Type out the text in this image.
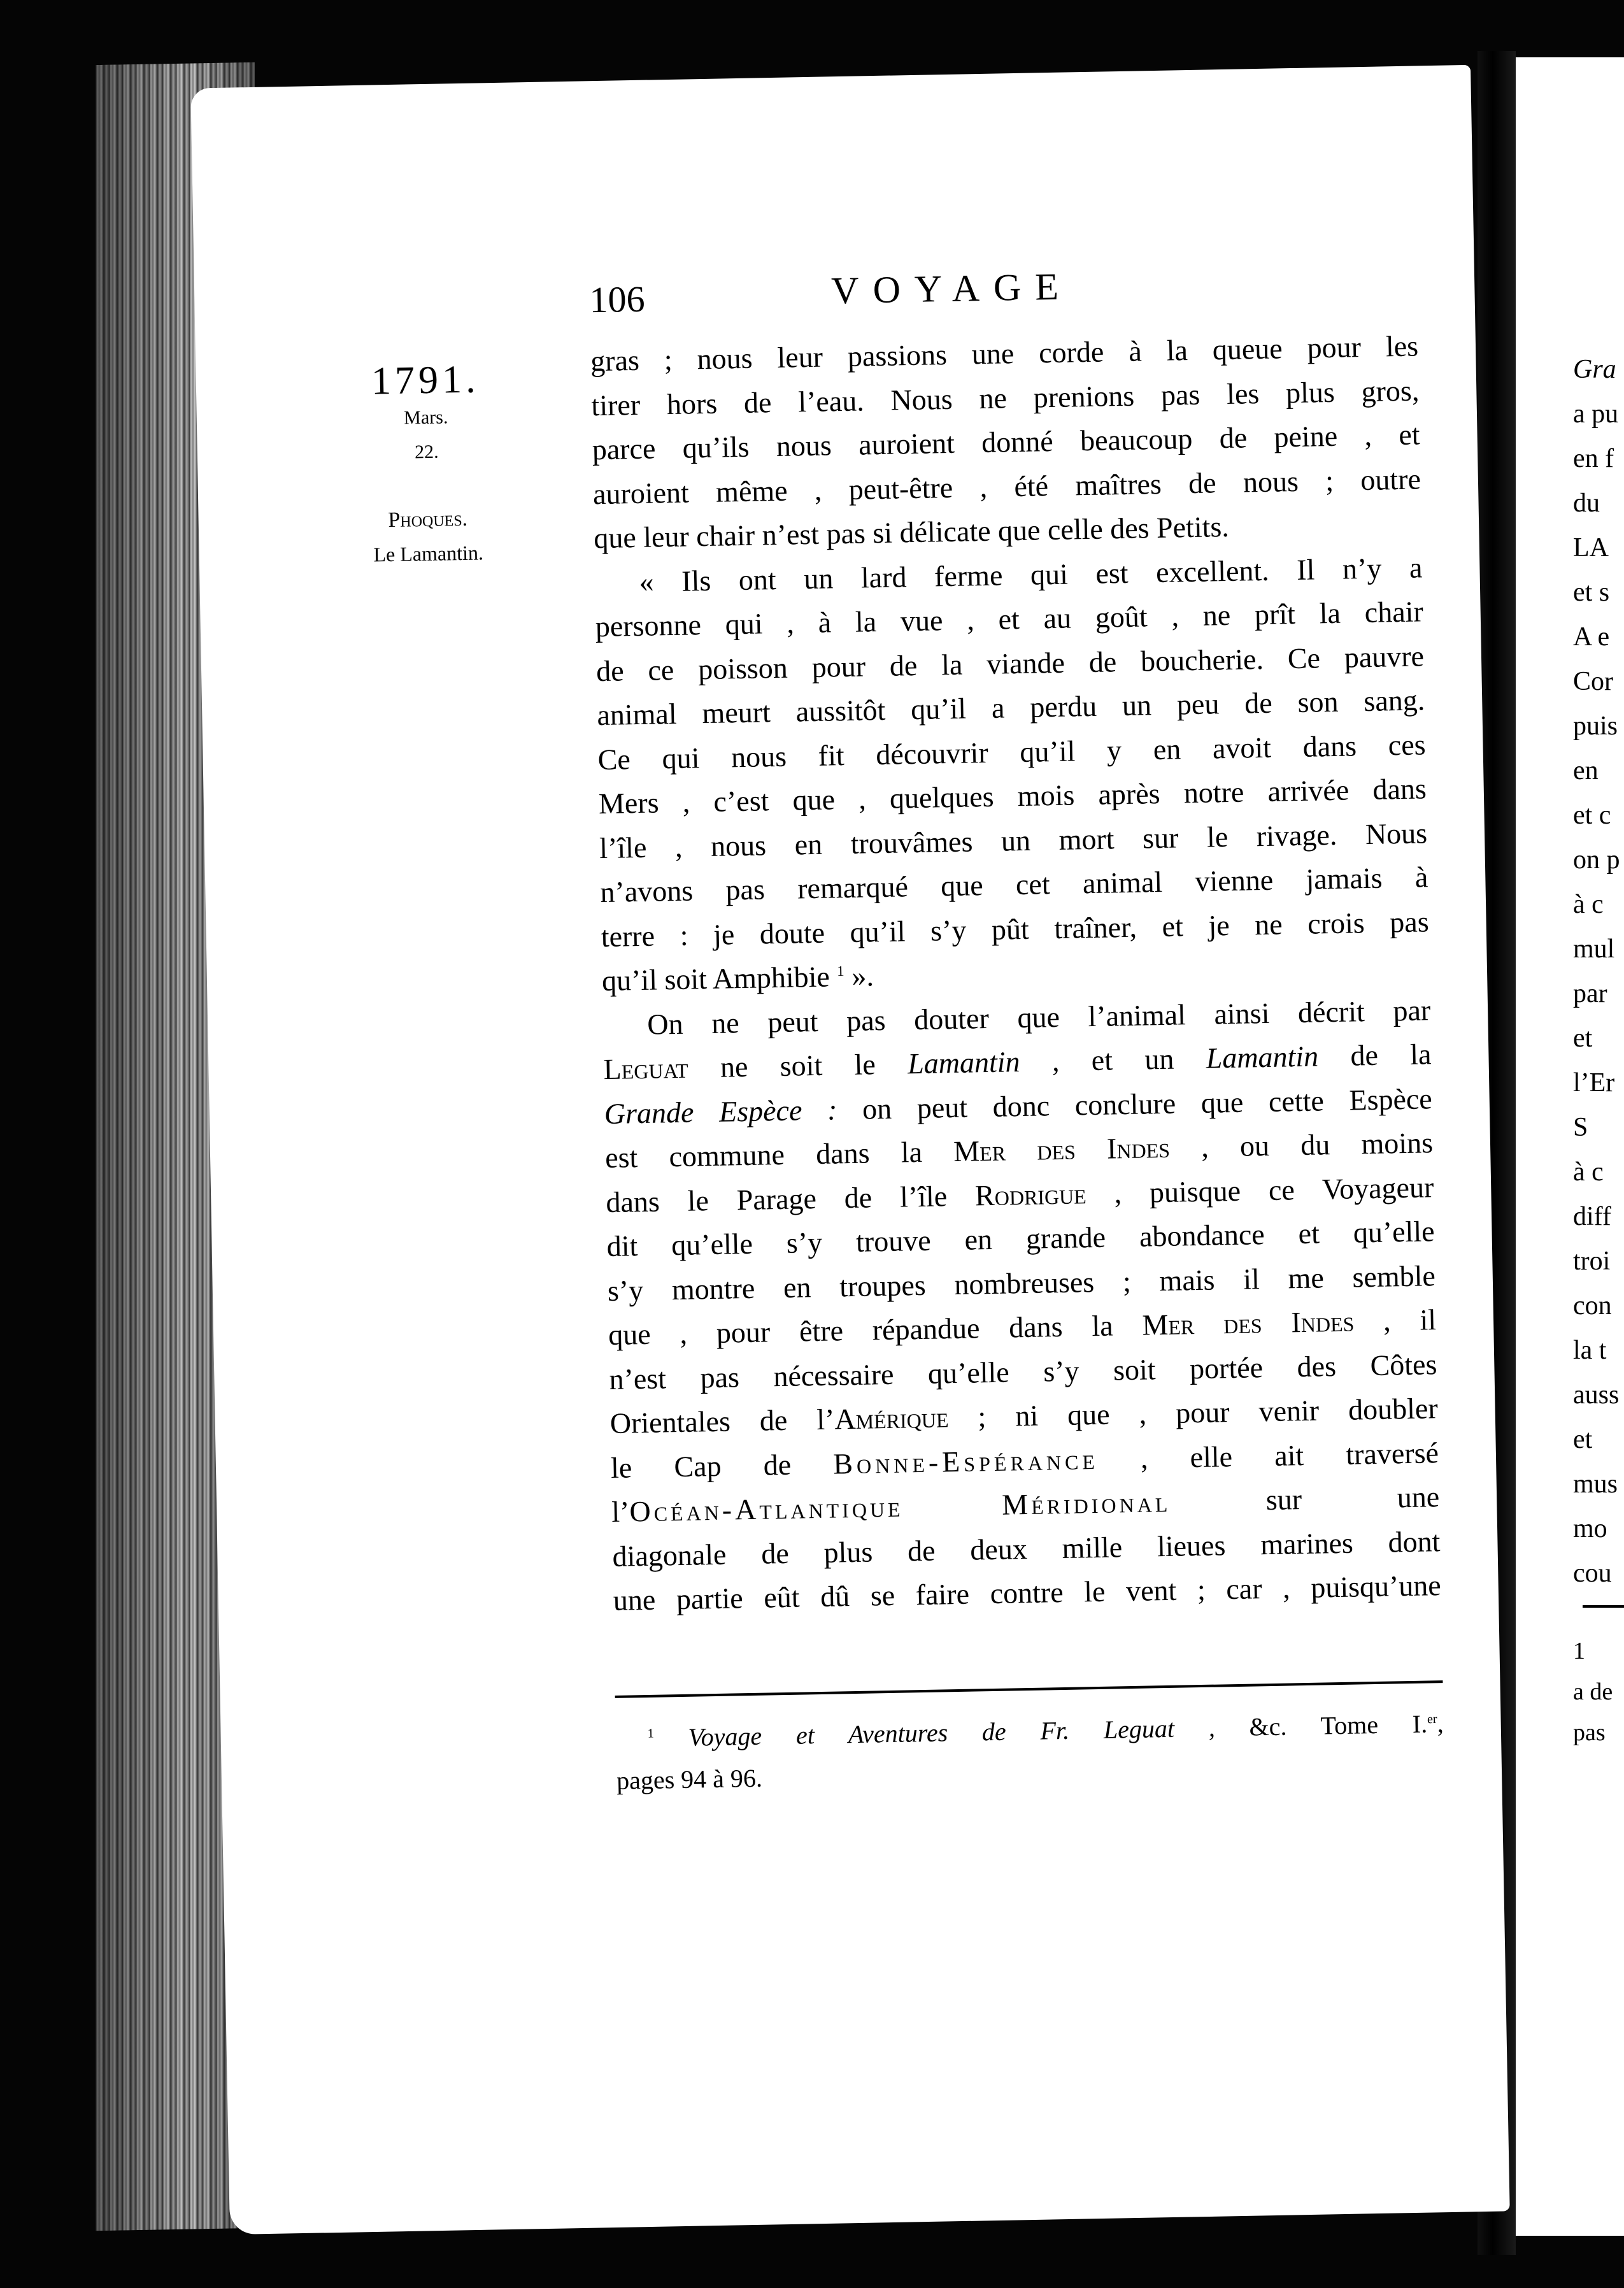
106	VOYAGE
1791.
Mars.
22.
Phoques.
Le Lamantin.
gras ; nous leur passions une corde à la queue pour les
tirer hors de l’eau. Nous ne prenions pas les plus gros,
parce qu’ils nous auroient donné beaucoup de peine , et
auroient même , peut-être , été maîtres de nous ; outre
que leur chair n’est pas si délicate que celle des Petits.
« Ils ont un lard ferme qui est excellent. Il n’y a
personne qui , à la vue , et au goût , ne prît la chair
de ce poisson pour de la viande de boucherie. Ce pauvre
animal meurt aussitôt qu’il a perdu un peu de son sang.
Ce qui nous fit découvrir qu’il y en avoit dans ces
Mers , c’est que , quelques mois après notre arrivée dans
l’île , nous en trouvâmes un mort sur le rivage. Nous
n’avons pas remarqué que cet animal vienne jamais à
terre : je doute qu’il s’y pût traîner, et je ne crois pas
qu’il soit Amphibie $^1$ ».
On ne peut pas douter que l’animal ainsi décrit par
Leguat ne soit le Lamantin , et un Lamantin de la
Grande Espèce : on peut donc conclure que cette Espèce
est commune dans la Mer des Indes , ou du moins
dans le Parage de l’île Rodrigue , puisque ce Voyageur
dit qu’elle s’y trouve en grande abondance et qu’elle
s’y montre en troupes nombreuses ; mais il me semble
que , pour être répandue dans la Mer des Indes , il
n’est pas nécessaire qu’elle s’y soit portée des Côtes
Orientales de l’Amérique ; ni que , pour venir doubler
le Cap de Bonne-Espérance , elle ait traversé
l’Océan-Atlantique Méridional	sur une
diagonale de plus de deux mille lieues marines dont
une partie eût dû se faire contre le vent ; car , puisqu’une
$^1$ Voyage et Aventures de Fr. Leguat , &c. Tome I.$^{er}$,
pages 94 à 96.
Gra
a pu
en f
du
LA
et s
A e
Cor
puis
en
et c
on p
à c
mul
par
et
l’Er
S
à c
diff
troi
con
la t
auss
et
mus
mo
cou
1
a de
pas
